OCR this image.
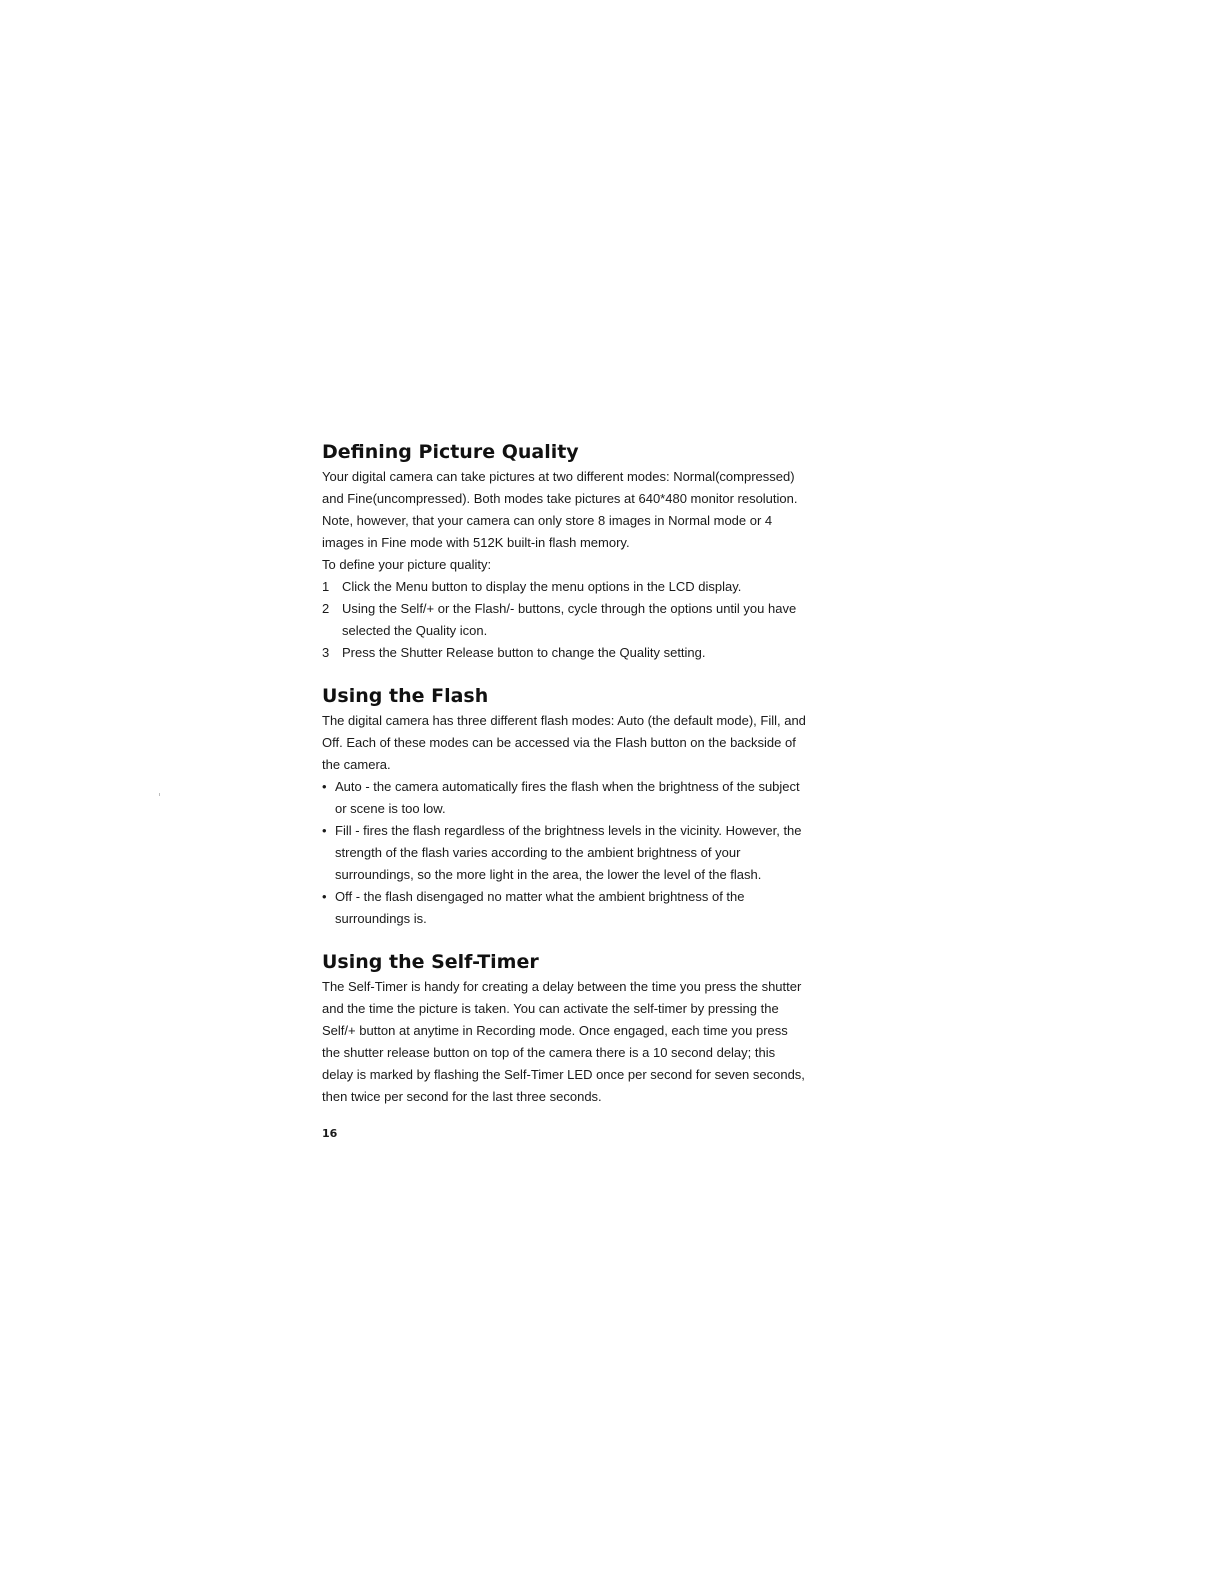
Defining Picture Quality

Your digital camera can take pictures at two different modes: Normal(compressed) and Fine(uncompressed). Both modes take pictures at 640*480 monitor resolution. Note, however, that your camera can only store 8 images in Normal mode or 4 images in Fine mode with 512K built-in flash memory.

To define your picture quality:

1 Click the Menu button to display the menu options in the LCD display.
2 Using the Self/+ or the Flash/- buttons, cycle through the options until you have selected the Quality icon.
3 Press the Shutter Release button to change the Quality setting.
Using the Flash

The digital camera has three different flash modes: Auto (the default mode), Fill, and Off. Each of these modes can be accessed via the Flash button on the backside of the camera.

• Auto - the camera automatically fires the flash when the brightness of the subject or scene is too low.
• Fill - fires the flash regardless of the brightness levels in the vicinity. However, the strength of the flash varies according to the ambient brightness of your surroundings, so the more light in the area, the lower the level of the flash.
• Off - the flash disengaged no matter what the ambient brightness of the surroundings is.
Using the Self-Timer

The Self-Timer is handy for creating a delay between the time you press the shutter and the time the picture is taken. You can activate the self-timer by pressing the Self/+ button at anytime in Recording mode. Once engaged, each time you press the shutter release button on top of the camera there is a 10 second delay; this delay is marked by flashing the Self-Timer LED once per second for seven seconds, then twice per second for the last three seconds.

16
